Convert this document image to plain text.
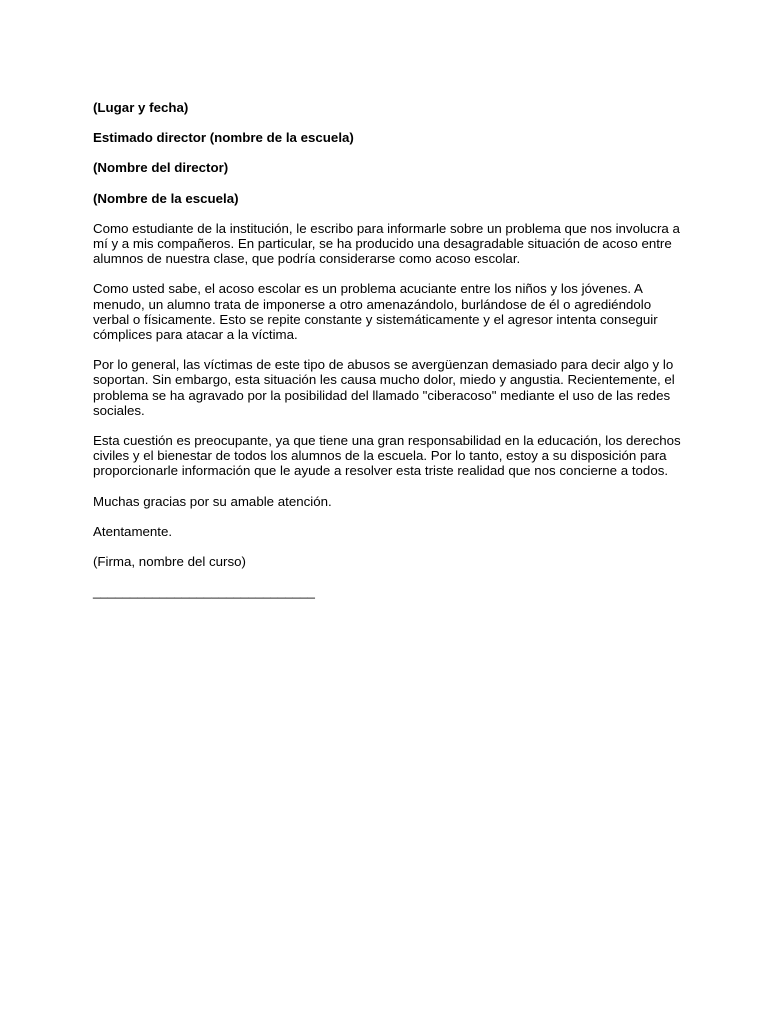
(Lugar y fecha)

Estimado director (nombre de la escuela)

(Nombre del director)

(Nombre de la escuela)

Como estudiante de la institución, le escribo para informarle sobre un problema que nos involucra a mí y a mis compañeros. En particular, se ha producido una desagradable situación de acoso entre alumnos de nuestra clase, que podría considerarse como acoso escolar.

Como usted sabe, el acoso escolar es un problema acuciante entre los niños y los jóvenes. A menudo, un alumno trata de imponerse a otro amenazándolo, burlándose de él o agrediéndolo verbal o físicamente. Esto se repite constante y sistemáticamente y el agresor intenta conseguir cómplices para atacar a la víctima.

Por lo general, las víctimas de este tipo de abusos se avergüenzan demasiado para decir algo y lo soportan. Sin embargo, esta situación les causa mucho dolor, miedo y angustia. Recientemente, el problema se ha agravado por la posibilidad del llamado "ciberacoso" mediante el uso de las redes sociales.

Esta cuestión es preocupante, ya que tiene una gran responsabilidad en la educación, los derechos civiles y el bienestar de todos los alumnos de la escuela. Por lo tanto, estoy a su disposición para proporcionarle información que le ayude a resolver esta triste realidad que nos concierne a todos.

Muchas gracias por su amable atención.

Atentamente.

(Firma, nombre del curso)

______________________________
